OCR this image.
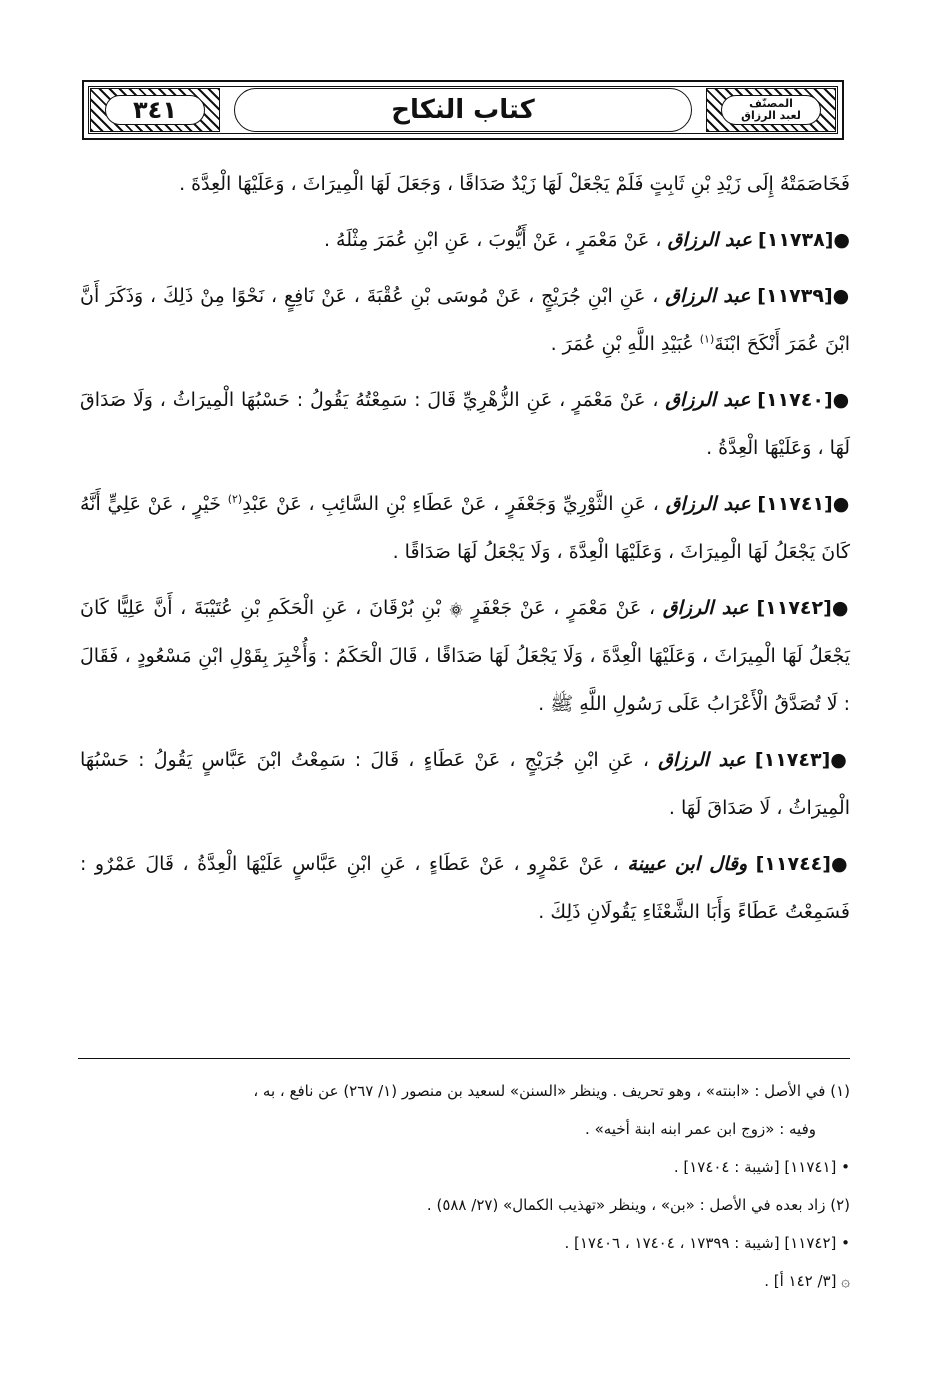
المصنّف
لعبد الرزاق
كتاب النكاح
٣٤١

فَخَاصَمَتْهُ إِلَى زَيْدِ بْنِ ثَابِتٍ فَلَمْ يَجْعَلْ لَهَا زَيْدٌ صَدَاقًا ، وَجَعَلَ لَهَا الْمِيرَاثَ ، وَعَلَيْهَا الْعِدَّةَ .

●[١١٧٣٨] عبد الرزاق ، عَنْ مَعْمَرٍ ، عَنْ أَيُّوبَ ، عَنِ ابْنِ عُمَرَ مِثْلَهُ .

●[١١٧٣٩] عبد الرزاق ، عَنِ ابْنِ جُرَيْجٍ ، عَنْ مُوسَى بْنِ عُقْبَةَ ، عَنْ نَافِعٍ ، نَحْوًا مِنْ ذَلِكَ ، وَذَكَرَ أَنَّ ابْنَ عُمَرَ أَنْكَحَ ابْنَةَ$^{(١)}$ عُبَيْدِ اللَّهِ بْنِ عُمَرَ .

●[١١٧٤٠] عبد الرزاق ، عَنْ مَعْمَرٍ ، عَنِ الزُّهْرِيِّ قَالَ : سَمِعْتُهُ يَقُولُ : حَسْبُهَا الْمِيرَاثُ ، وَلَا صَدَاقَ لَهَا ، وَعَلَيْهَا الْعِدَّةُ .

●[١١٧٤١] عبد الرزاق ، عَنِ الثَّوْرِيِّ وَجَعْفَرٍ ، عَنْ عَطَاءِ بْنِ السَّائِبِ ، عَنْ عَبْدِ$^{(٢)}$ خَيْرٍ ، عَنْ عَلِيٍّ أَنَّهُ كَانَ يَجْعَلُ لَهَا الْمِيرَاثَ ، وَعَلَيْهَا الْعِدَّةَ ، وَلَا يَجْعَلُ لَهَا صَدَاقًا .

●[١١٧٤٢] عبد الرزاق ، عَنْ مَعْمَرٍ ، عَنْ جَعْفَرٍ ۞ بْنِ بُرْقَانَ ، عَنِ الْحَكَمِ بْنِ عُتَيْبَةَ ، أَنَّ عَلِيًّا كَانَ يَجْعَلُ لَهَا الْمِيرَاثَ ، وَعَلَيْهَا الْعِدَّةَ ، وَلَا يَجْعَلُ لَهَا صَدَاقًا ، قَالَ الْحَكَمُ : وَأُخْبِرَ بِقَوْلِ ابْنِ مَسْعُودٍ ، فَقَالَ : لَا تُصَدَّقُ الْأَعْرَابُ عَلَى رَسُولِ اللَّهِ ﷺ .

●[١١٧٤٣] عبد الرزاق ، عَنِ ابْنِ جُرَيْجٍ ، عَنْ عَطَاءٍ ، قَالَ : سَمِعْتُ ابْنَ عَبَّاسٍ يَقُولُ : حَسْبُهَا الْمِيرَاثُ ، لَا صَدَاقَ لَهَا .

●[١١٧٤٤] وقال ابن عيينة ، عَنْ عَمْرٍو ، عَنْ عَطَاءٍ ، عَنِ ابْنِ عَبَّاسٍ عَلَيْهَا الْعِدَّةُ ، قَالَ عَمْرٌو : فَسَمِعْتُ عَطَاءً وَأَبَا الشَّعْثَاءِ يَقُولَانِ ذَلِكَ .

(١) في الأصل : «ابنته» ، وهو تحريف . وينظر «السنن» لسعيد بن منصور (١/ ٢٦٧) عن نافع ، به ،
وفيه : «زوج ابن عمر ابنه ابنة أخيه» .

• [١١٧٤١] [شيبة : ١٧٤٠٤] .

(٢) زاد بعده في الأصل : «بن» ، وينظر «تهذيب الكمال» (٢٧/ ٥٨٨) .

• [١١٧٤٢] [شيبة : ١٧٣٩٩ ، ١٧٤٠٤ ، ١٧٤٠٦] .

۞ [٣/ ١٤٢ أ] .
